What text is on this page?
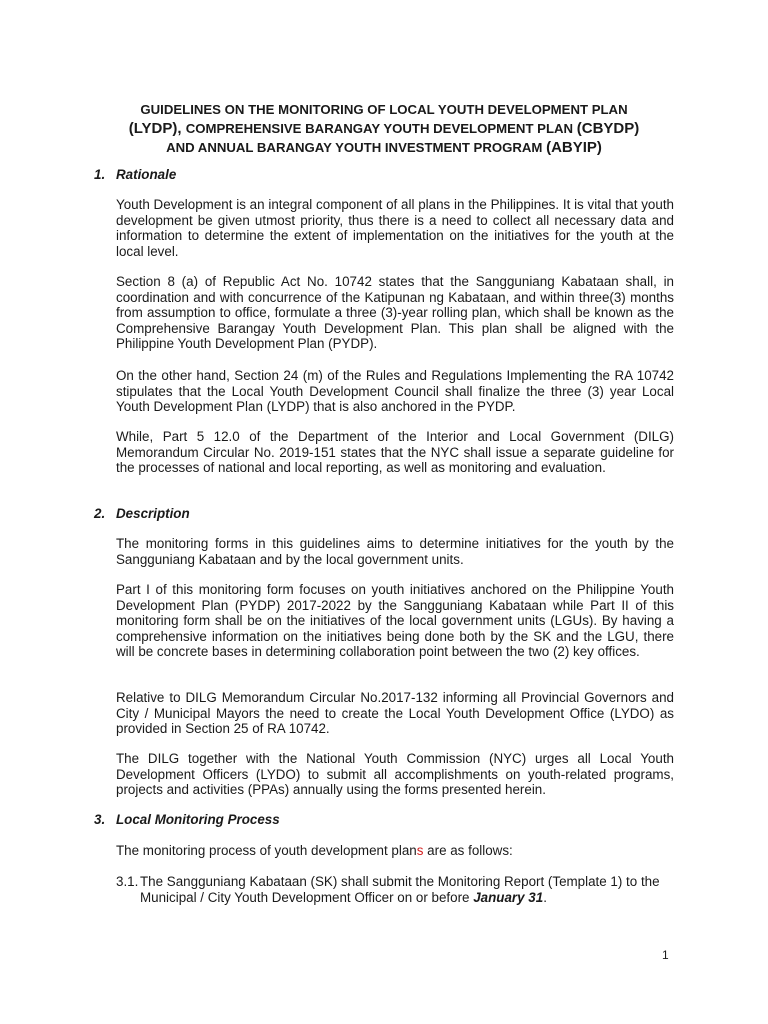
GUIDELINES ON THE MONITORING OF LOCAL YOUTH DEVELOPMENT PLAN
(LYDP), COMPREHENSIVE BARANGAY YOUTH DEVELOPMENT PLAN (CBYDP)
AND ANNUAL BARANGAY YOUTH INVESTMENT PROGRAM (ABYIP)
1. Rationale

Youth Development is an integral component of all plans in the Philippines. It is vital that youth development be given utmost priority, thus there is a need to collect all necessary data and information to determine the extent of implementation on the initiatives for the youth at the local level.

Section 8 (a) of Republic Act No. 10742 states that the Sangguniang Kabataan shall, in coordination and with concurrence of the Katipunan ng Kabataan, and within three(3) months from assumption to office, formulate a three (3)-year rolling plan, which shall be known as the Comprehensive Barangay Youth Development Plan. This plan shall be aligned with the Philippine Youth Development Plan (PYDP).

On the other hand, Section 24 (m) of the Rules and Regulations Implementing the RA 10742 stipulates that the Local Youth Development Council shall finalize the three (3) year Local Youth Development Plan (LYDP) that is also anchored in the PYDP.

While, Part 5 12.0 of the Department of the Interior and Local Government (DILG) Memorandum Circular No. 2019-151 states that the NYC shall issue a separate guideline for the processes of national and local reporting, as well as monitoring and evaluation.

2. Description

The monitoring forms in this guidelines aims to determine initiatives for the youth by the Sangguniang Kabataan and by the local government units.

Part I of this monitoring form focuses on youth initiatives anchored on the Philippine Youth Development Plan (PYDP) 2017-2022 by the Sangguniang Kabataan while Part II of this monitoring form shall be on the initiatives of the local government units (LGUs). By having a comprehensive information on the initiatives being done both by the SK and the LGU, there will be concrete bases in determining collaboration point between the two (2) key offices.

Relative to DILG Memorandum Circular No.2017-132 informing all Provincial Governors and City / Municipal Mayors the need to create the Local Youth Development Office (LYDO) as provided in Section 25 of RA 10742.

The DILG together with the National Youth Commission (NYC) urges all Local Youth Development Officers (LYDO) to submit all accomplishments on youth-related programs, projects and activities (PPAs) annually using the forms presented herein.

3. Local Monitoring Process

The monitoring process of youth development plans are as follows:

3.1. The Sangguniang Kabataan (SK) shall submit the Monitoring Report (Template 1) to the Municipal / City Youth Development Officer on or before January 31.

1
